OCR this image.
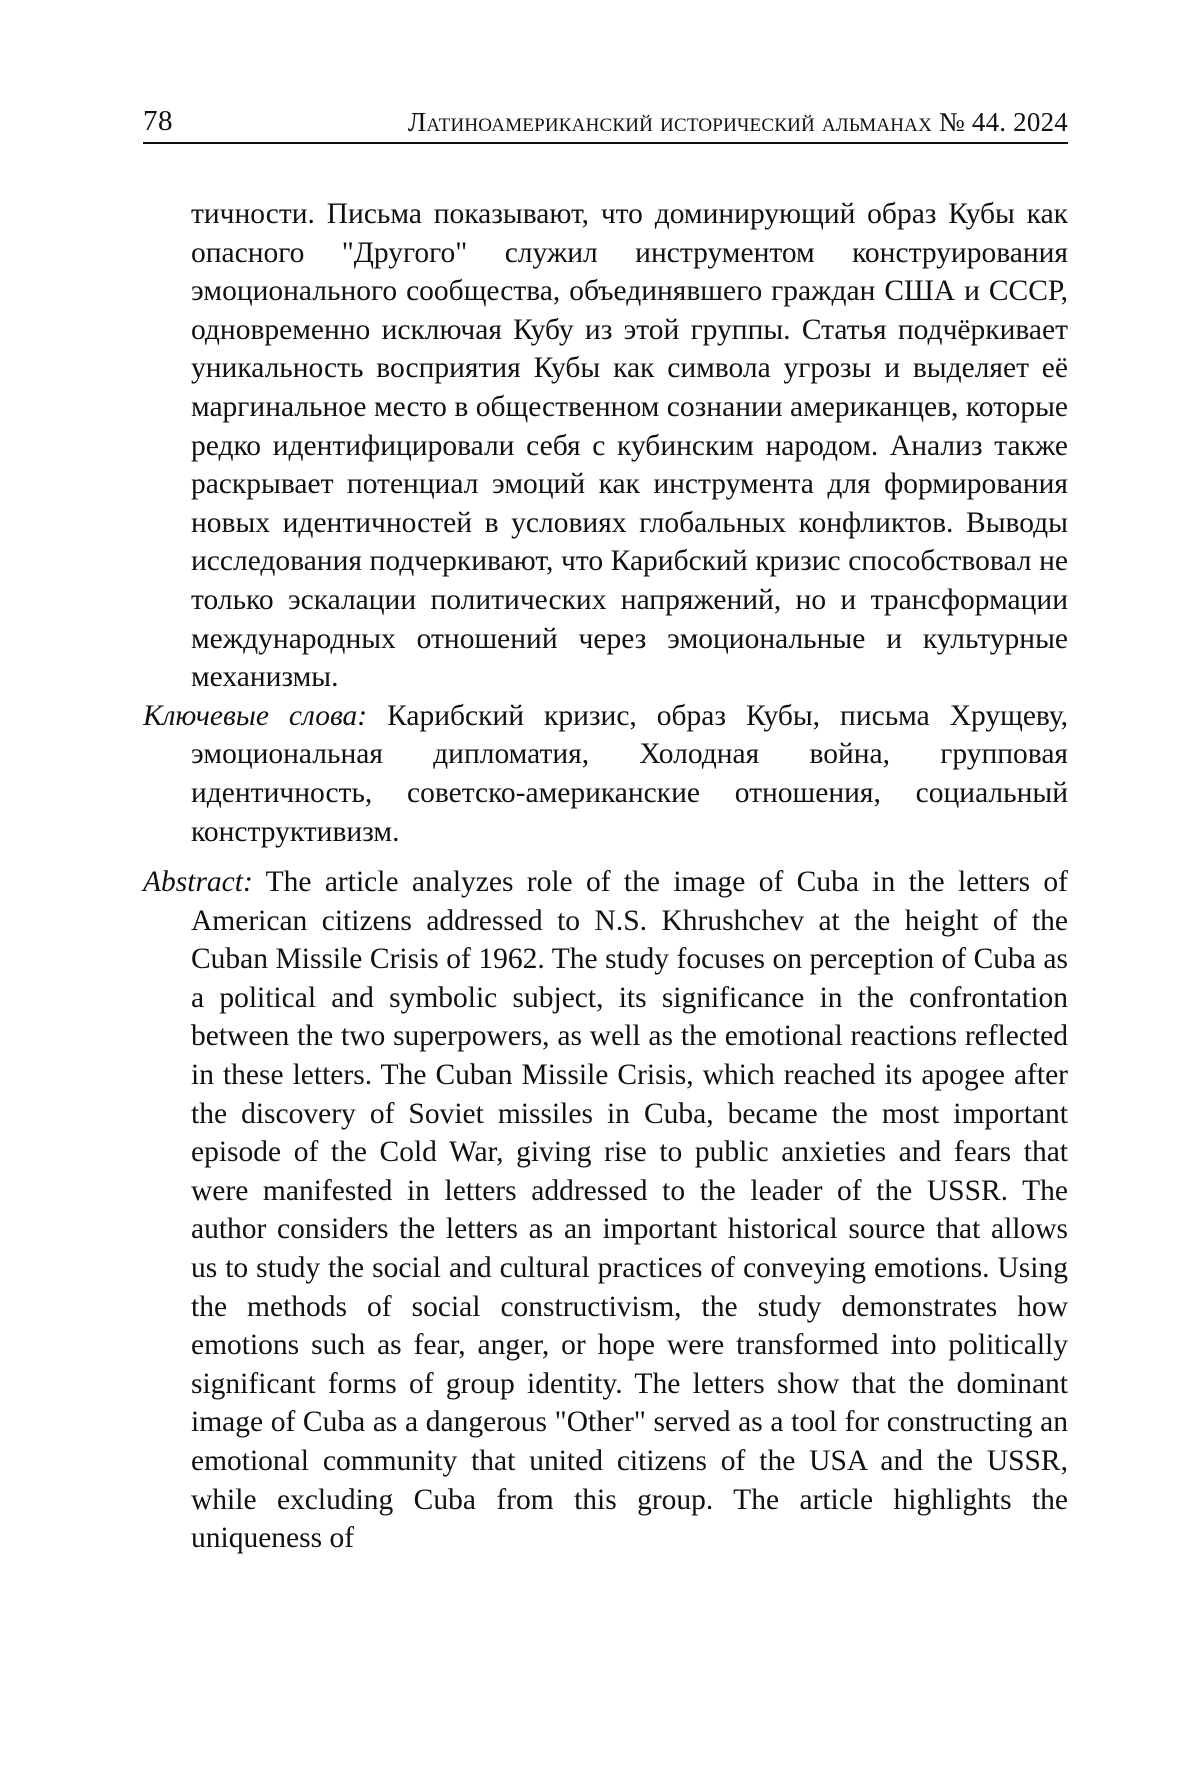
78	Латиноамериканский исторический альманах № 44. 2024

тичности. Письма показывают, что доминирующий образ Кубы как опасного "Другого" служил инструментом конструирования эмоционального сообщества, объединявшего граждан США и СССР, одновременно исключая Кубу из этой группы. Статья подчёркивает уникальность восприятия Кубы как символа угрозы и выделяет её маргинальное место в общественном сознании американцев, которые редко идентифицировали себя с кубинским народом. Анализ также раскрывает потенциал эмоций как инструмента для формирования новых идентичностей в условиях глобальных конфликтов. Выводы исследования подчеркивают, что Карибский кризис способствовал не только эскалации политических напряжений, но и трансформации международных отношений через эмоциональные и культурные механизмы.

Ключевые слова: Карибский кризис, образ Кубы, письма Хрущеву, эмоциональная дипломатия, Холодная война, групповая идентичность, советско-американские отношения, социальный конструктивизм.

Abstract: The article analyzes role of the image of Cuba in the letters of American citizens addressed to N.S. Khrushchev at the height of the Cuban Missile Crisis of 1962. The study focuses on perception of Cuba as a political and symbolic subject, its significance in the confrontation between the two superpowers, as well as the emotional reactions reflected in these letters. The Cuban Missile Crisis, which reached its apogee after the discovery of Soviet missiles in Cuba, became the most important episode of the Cold War, giving rise to public anxieties and fears that were manifested in letters addressed to the leader of the USSR. The author considers the letters as an important historical source that allows us to study the social and cultural practices of conveying emotions. Using the methods of social constructivism, the study demonstrates how emotions such as fear, anger, or hope were transformed into politically significant forms of group identity. The letters show that the dominant image of Cuba as a dangerous "Other" served as a tool for constructing an emotional community that united citizens of the USA and the USSR, while excluding Cuba from this group. The article highlights the uniqueness of
